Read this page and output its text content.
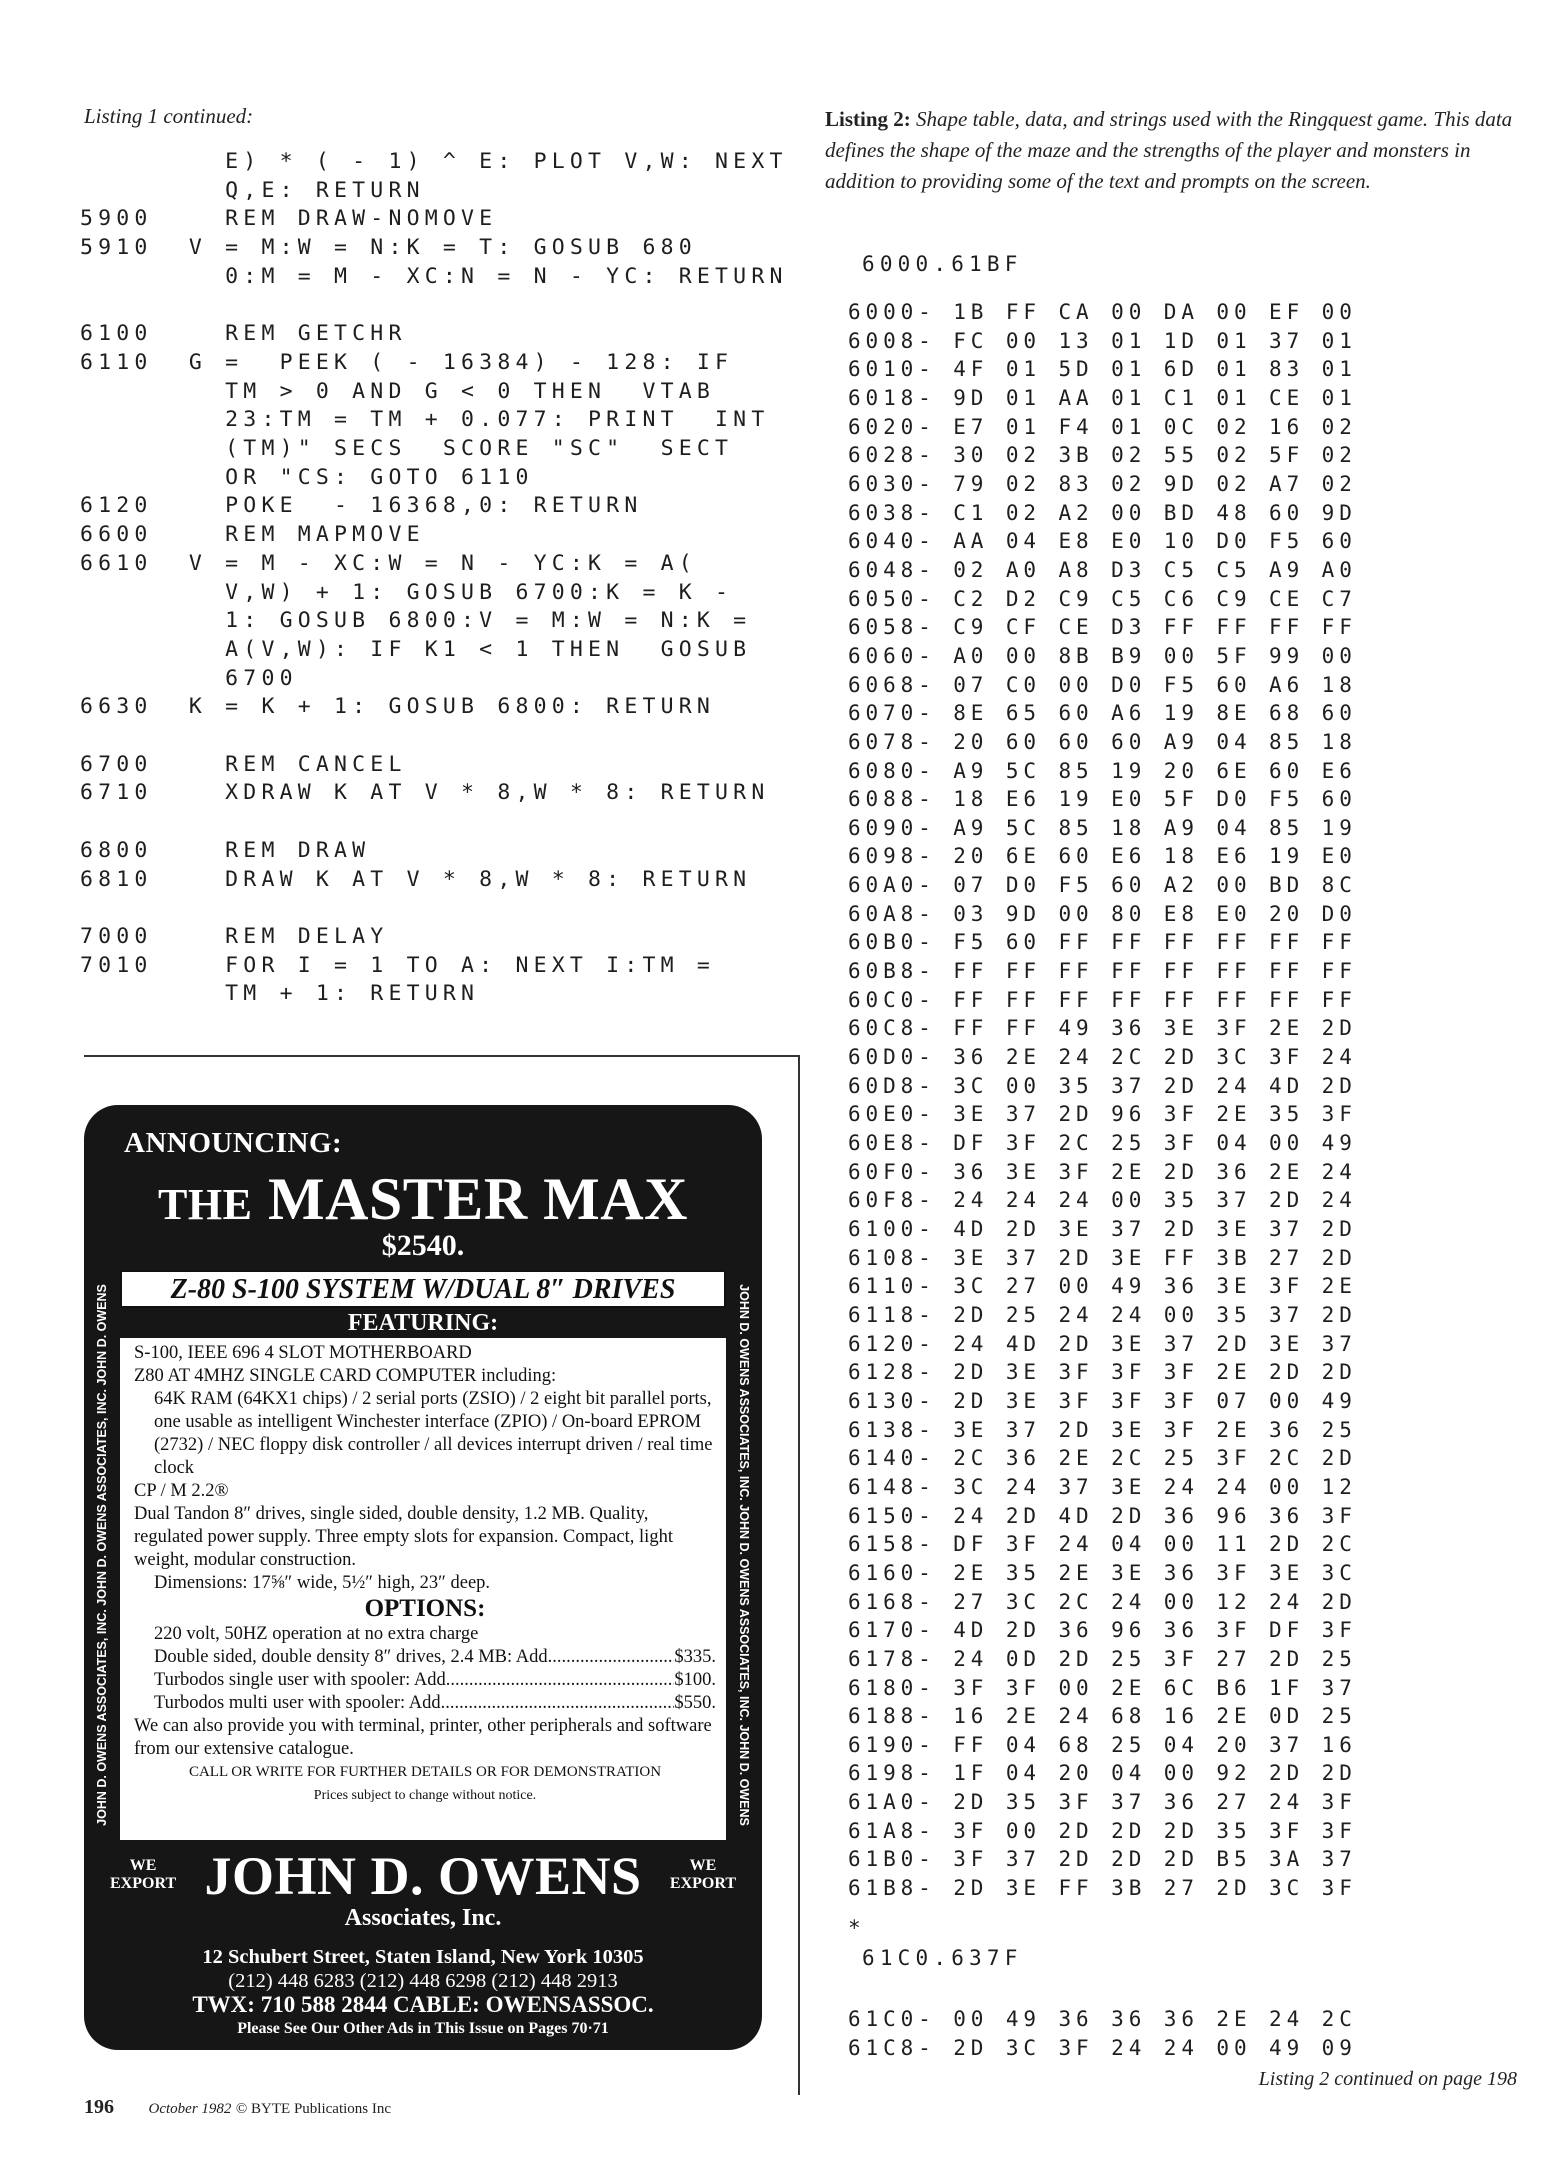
Listing 1 continued:
E) * ( - 1) ^ E: PLOT V,W: NEXT
Q,E: RETURN
5900    REM DRAW-NOMOVE
5910  V = M:W = N:K = T: GOSUB 680
0:M = M - XC:N = N - YC: RETURN

6100    REM GETCHR
6110  G =  PEEK ( - 16384) - 128: IF
TM > 0 AND G < 0 THEN  VTAB
23:TM = TM + 0.077: PRINT  INT
(TM)" SECS  SCORE "SC"  SECT
OR "CS: GOTO 6110
6120    POKE  - 16368,0: RETURN
6600    REM MAPMOVE
6610  V = M - XC:W = N - YC:K = A(
V,W) + 1: GOSUB 6700:K = K -
1: GOSUB 6800:V = M:W = N:K =
A(V,W): IF K1 < 1 THEN  GOSUB
6700
6630  K = K + 1: GOSUB 6800: RETURN

6700    REM CANCEL
6710    XDRAW K AT V * 8,W * 8: RETURN

6800    REM DRAW
6810    DRAW K AT V * 8,W * 8: RETURN

7000    REM DELAY
7010    FOR I = 1 TO A: NEXT I:TM =
TM + 1: RETURN
ANNOUNCING:
THE MASTER MAX
$2540.
JOHN D. OWENS ASSOCIATES, INC. JOHN D. OWENS ASSOCIATES, INC. JOHN D. OWENS	JOHN D. OWENS ASSOCIATES, INC. JOHN D. OWENS ASSOCIATES, INC. JOHN D. OWENS
Z-80 S-100 SYSTEM W/DUAL 8″ DRIVES
FEATURING:
S-100, IEEE 696 4 SLOT MOTHERBOARD
Z80 AT 4MHZ SINGLE CARD COMPUTER including:
64K RAM (64KX1 chips) / 2 serial ports (ZSIO) / 2 eight bit parallel ports, one usable as intelligent Winchester interface (ZPIO) / On-board EPROM (2732) / NEC floppy disk controller / all devices interrupt driven / real time clock
CP / M 2.2®
Dual Tandon 8″ drives, single sided, double density, 1.2 MB. Quality, regulated power supply. Three empty slots for expansion. Compact, light weight, modular construction.
Dimensions: 17⅝″ wide, 5½″ high, 23″ deep.
OPTIONS:
220 volt, 50HZ operation at no extra charge
Double sided, double density 8″ drives, 2.4 MB: Add. .....	$335.
Turbodos single user with spooler: Add. .....	$100.
Turbodos multi user with spooler: Add. .....	$550.
We can also provide you with terminal, printer, other peripherals and software from our extensive catalogue.
CALL OR WRITE FOR FURTHER DETAILS OR FOR DEMONSTRATION
Prices subject to change without notice.
WE
EXPORT
WE
EXPORT
JOHN D. OWENS
Associates, Inc.
12 Schubert Street, Staten Island, New York 10305
(212) 448 6283 (212) 448 6298 (212) 448 2913
TWX: 710 588 2844 CABLE: OWENSASSOC.
Please See Our Other Ads in This Issue on Pages 70·71
Listing 2: Shape table, data, and strings used with the Ringquest game. This data defines the shape of the maze and the strengths of the player and monsters in addition to providing some of the text and prompts on the screen.
6000.61BF
6000- 1B FF CA 00 DA 00 EF 00
6008- FC 00 13 01 1D 01 37 01
6010- 4F 01 5D 01 6D 01 83 01
6018- 9D 01 AA 01 C1 01 CE 01
6020- E7 01 F4 01 0C 02 16 02
6028- 30 02 3B 02 55 02 5F 02
6030- 79 02 83 02 9D 02 A7 02
6038- C1 02 A2 00 BD 48 60 9D
6040- AA 04 E8 E0 10 D0 F5 60
6048- 02 A0 A8 D3 C5 C5 A9 A0
6050- C2 D2 C9 C5 C6 C9 CE C7
6058- C9 CF CE D3 FF FF FF FF
6060- A0 00 8B B9 00 5F 99 00
6068- 07 C0 00 D0 F5 60 A6 18
6070- 8E 65 60 A6 19 8E 68 60
6078- 20 60 60 60 A9 04 85 18
6080- A9 5C 85 19 20 6E 60 E6
6088- 18 E6 19 E0 5F D0 F5 60
6090- A9 5C 85 18 A9 04 85 19
6098- 20 6E 60 E6 18 E6 19 E0
60A0- 07 D0 F5 60 A2 00 BD 8C
60A8- 03 9D 00 80 E8 E0 20 D0
60B0- F5 60 FF FF FF FF FF FF
60B8- FF FF FF FF FF FF FF FF
60C0- FF FF FF FF FF FF FF FF
60C8- FF FF 49 36 3E 3F 2E 2D
60D0- 36 2E 24 2C 2D 3C 3F 24
60D8- 3C 00 35 37 2D 24 4D 2D
60E0- 3E 37 2D 96 3F 2E 35 3F
60E8- DF 3F 2C 25 3F 04 00 49
60F0- 36 3E 3F 2E 2D 36 2E 24
60F8- 24 24 24 00 35 37 2D 24
6100- 4D 2D 3E 37 2D 3E 37 2D
6108- 3E 37 2D 3E FF 3B 27 2D
6110- 3C 27 00 49 36 3E 3F 2E
6118- 2D 25 24 24 00 35 37 2D
6120- 24 4D 2D 3E 37 2D 3E 37
6128- 2D 3E 3F 3F 3F 2E 2D 2D
6130- 2D 3E 3F 3F 3F 07 00 49
6138- 3E 37 2D 3E 3F 2E 36 25
6140- 2C 36 2E 2C 25 3F 2C 2D
6148- 3C 24 37 3E 24 24 00 12
6150- 24 2D 4D 2D 36 96 36 3F
6158- DF 3F 24 04 00 11 2D 2C
6160- 2E 35 2E 3E 36 3F 3E 3C
6168- 27 3C 2C 24 00 12 24 2D
6170- 4D 2D 36 96 36 3F DF 3F
6178- 24 0D 2D 25 3F 27 2D 25
6180- 3F 3F 00 2E 6C B6 1F 37
6188- 16 2E 24 68 16 2E 0D 25
6190- FF 04 68 25 04 20 37 16
6198- 1F 04 20 04 00 92 2D 2D
61A0- 2D 35 3F 37 36 27 24 3F
61A8- 3F 00 2D 2D 2D 35 3F 3F
61B0- 3F 37 2D 2D 2D B5 3A 37
61B8- 2D 3E FF 3B 27 2D 3C 3F
*
61C0.637F
61C0- 00 49 36 36 36 2E 24 2C
61C8- 2D 3C 3F 24 24 00 49 09
Listing 2 continued on page 198
196 October 1982 © BYTE Publications Inc
